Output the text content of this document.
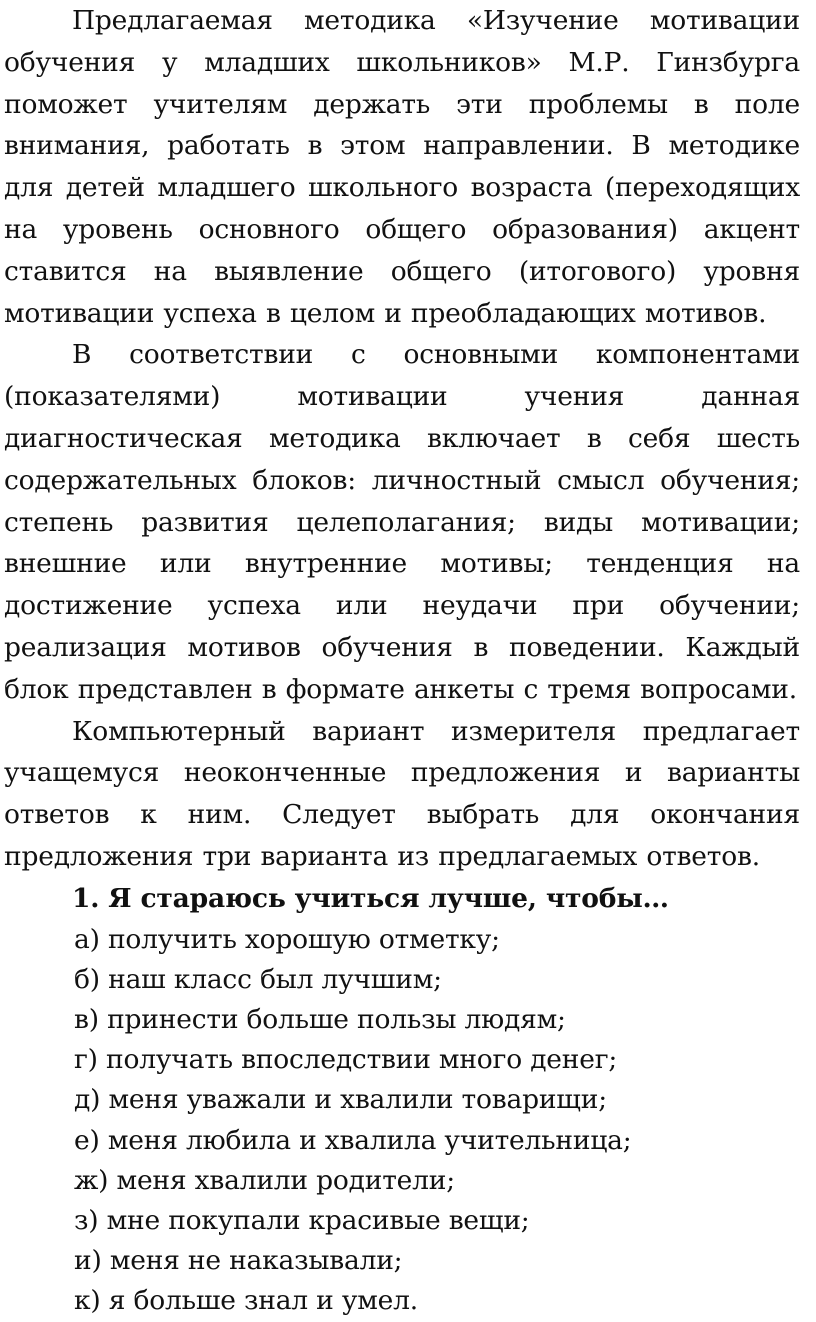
Предлагаемая методика «Изучение мотивации обучения у младших школьников» М.Р. Гинзбурга поможет учителям держать эти проблемы в поле внимания, работать в этом направлении. В методике для детей младшего школьного возраста (переходящих на уровень основного общего образования) акцент ставится на выявление общего (итогового) уровня мотивации успеха в целом и преобладающих мотивов.

В соответствии с основными компонентами (показателями) мотивации учения данная диагностическая методика включает в себя шесть содержательных блоков: личностный смысл обучения; степень развития целеполагания; виды мотивации; внешние или внутренние мотивы; тенденция на достижение успеха или неудачи при обучении; реализация мотивов обучения в поведении. Каждый блок представлен в формате анкеты с тремя вопросами.

Компьютерный вариант измерителя предлагает учащемуся неоконченные предложения и варианты ответов к ним. Следует выбрать для окончания предложения три варианта из предлагаемых ответов.

1. Я стараюсь учиться лучше, чтобы…

а) получить хорошую отметку;
б) наш класс был лучшим;
в) принести больше пользы людям;
г) получать впоследствии много денег;
д) меня уважали и хвалили товарищи;
е) меня любила и хвалила учительница;
ж) меня хвалили родители;
з) мне покупали красивые вещи;
и) меня не наказывали;
к) я больше знал и умел.
